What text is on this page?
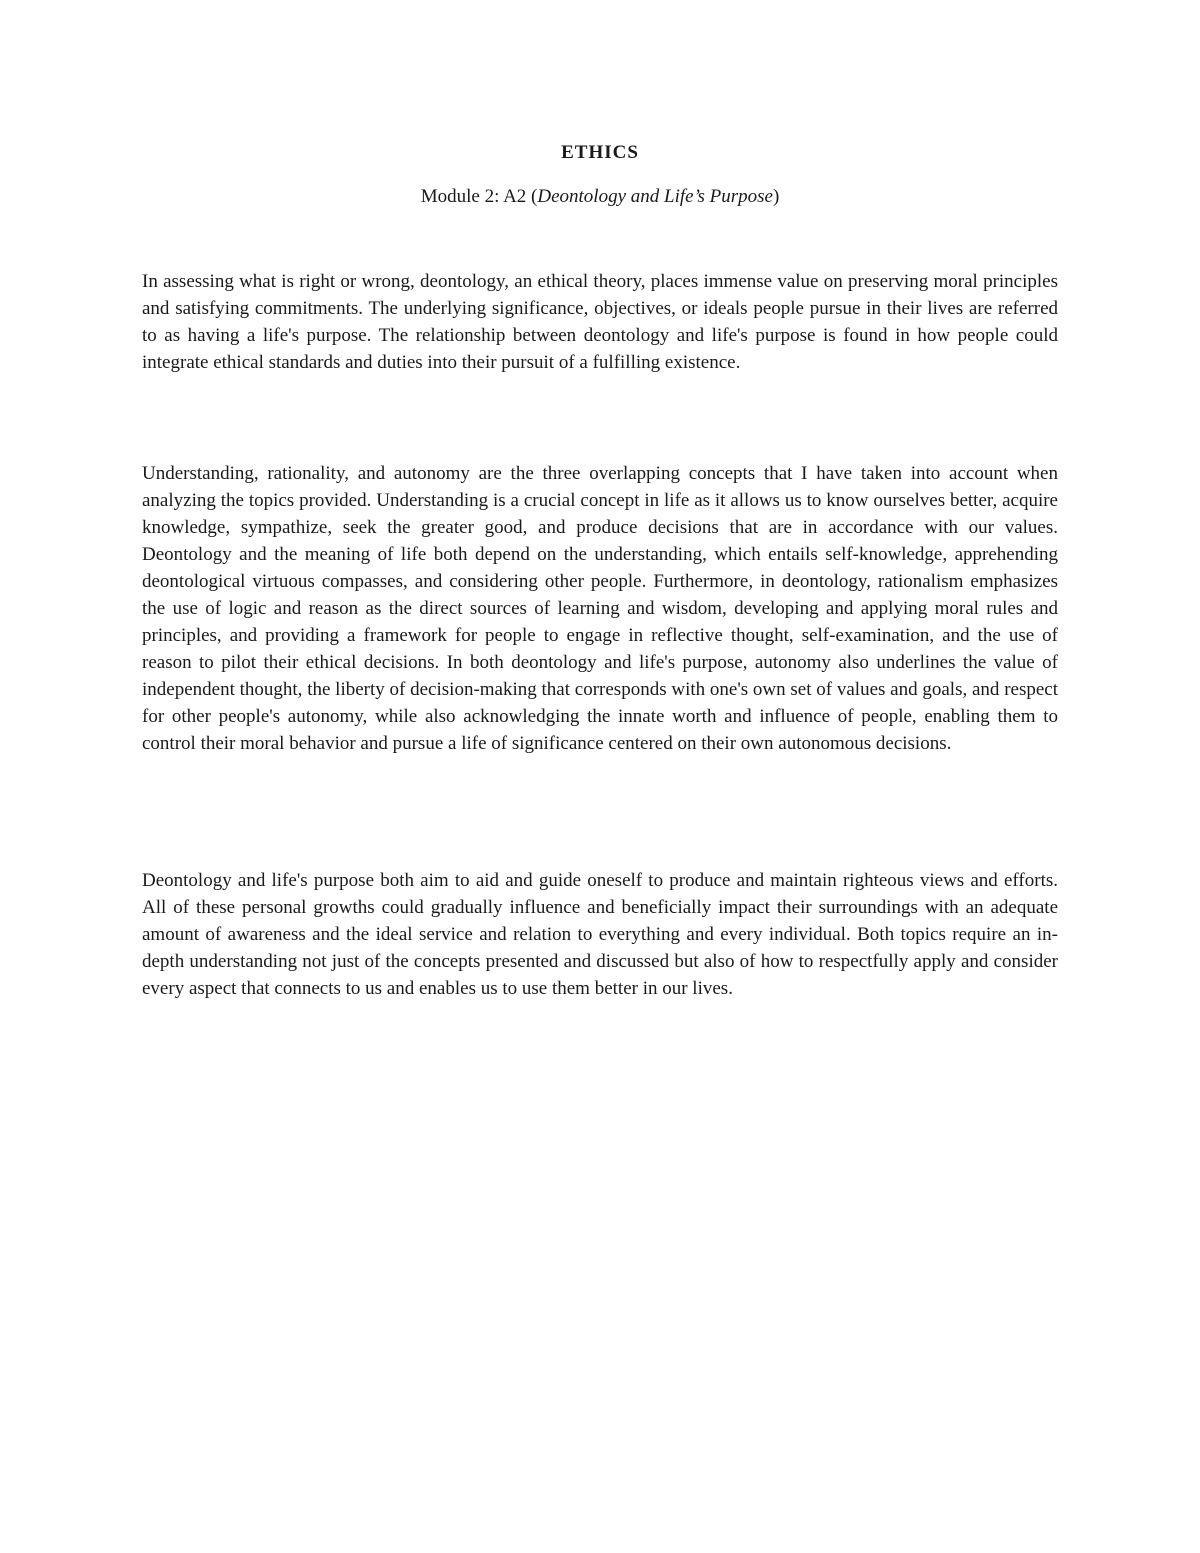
ETHICS

Module 2: A2 (Deontology and Life’s Purpose)

In assessing what is right or wrong, deontology, an ethical theory, places immense value on preserving moral principles and satisfying commitments. The underlying significance, objectives, or ideals people pursue in their lives are referred to as having a life's purpose. The relationship between deontology and life's purpose is found in how people could integrate ethical standards and duties into their pursuit of a fulfilling existence.

Understanding, rationality, and autonomy are the three overlapping concepts that I have taken into account when analyzing the topics provided. Understanding is a crucial concept in life as it allows us to know ourselves better, acquire knowledge, sympathize, seek the greater good, and produce decisions that are in accordance with our values. Deontology and the meaning of life both depend on the understanding, which entails self-knowledge, apprehending deontological virtuous compasses, and considering other people. Furthermore, in deontology, rationalism emphasizes the use of logic and reason as the direct sources of learning and wisdom, developing and applying moral rules and principles, and providing a framework for people to engage in reflective thought, self-examination, and the use of reason to pilot their ethical decisions. In both deontology and life's purpose, autonomy also underlines the value of independent thought, the liberty of decision-making that corresponds with one's own set of values and goals, and respect for other people's autonomy, while also acknowledging the innate worth and influence of people, enabling them to control their moral behavior and pursue a life of significance centered on their own autonomous decisions.

Deontology and life's purpose both aim to aid and guide oneself to produce and maintain righteous views and efforts. All of these personal growths could gradually influence and beneficially impact their surroundings with an adequate amount of awareness and the ideal service and relation to everything and every individual. Both topics require an in-depth understanding not just of the concepts presented and discussed but also of how to respectfully apply and consider every aspect that connects to us and enables us to use them better in our lives.
